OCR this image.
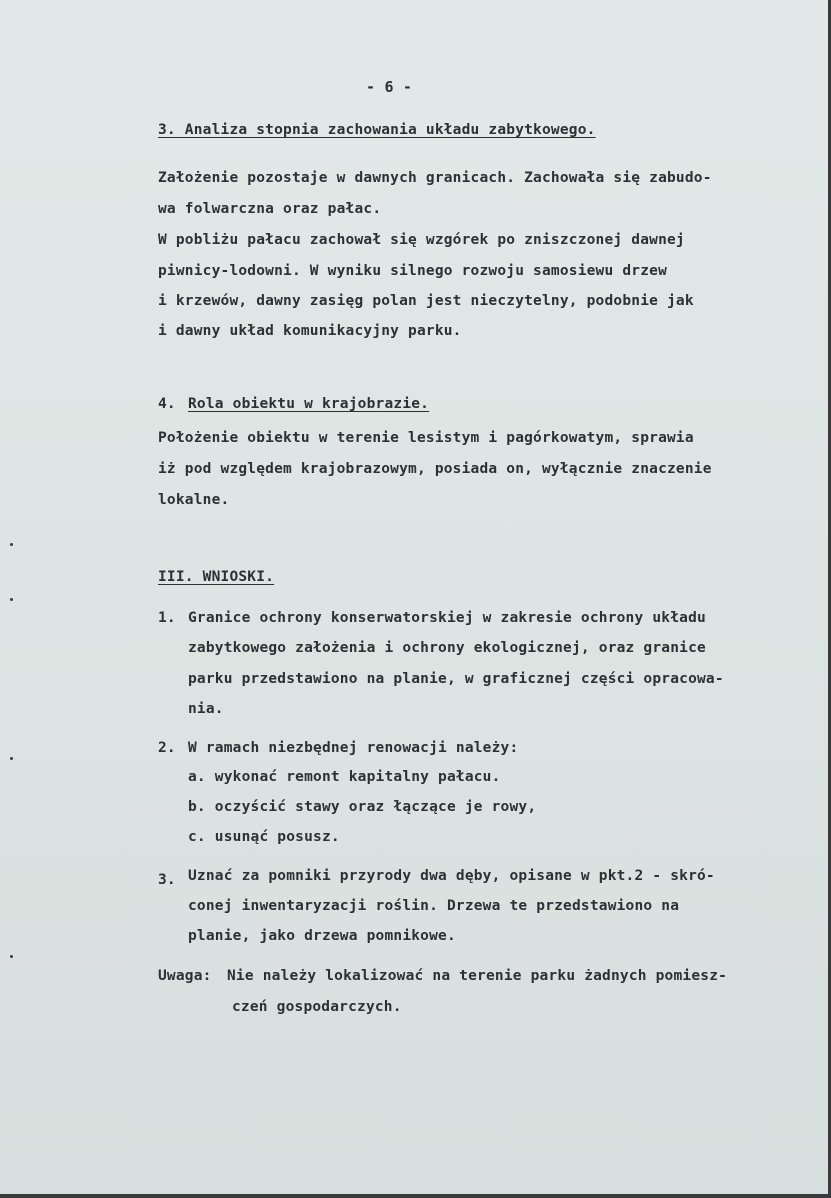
- 6 -
3. Analiza stopnia zachowania układu zabytkowego.
Założenie pozostaje w dawnych granicach. Zachowała się zabudo-
wa folwarczna oraz pałac.
W pobliżu pałacu zachował się wzgórek po zniszczonej dawnej
piwnicy-lodowni. W wyniku silnego rozwoju samosiewu drzew
i krzewów, dawny zasięg polan jest nieczytelny, podobnie jak
i dawny układ komunikacyjny parku.
4. Rola obiektu w krajobrazie.
Położenie obiektu w terenie lesistym i pagórkowatym, sprawia
iż pod względem krajobrazowym, posiada on, wyłącznie znaczenie
lokalne.
III. WNIOSKI.
1. Granice ochrony konserwatorskiej w zakresie ochrony układu
zabytkowego założenia i ochrony ekologicznej, oraz granice
parku przedstawiono na planie, w graficznej części opracowa-
nia.
2. W ramach niezbędnej renowacji należy:
a. wykonać remont kapitalny pałacu.
b. oczyścić stawy oraz łączące je rowy,
c. usunąć posusz.
3. Uznać za pomniki przyrody dwa dęby, opisane w pkt.2 - skró-
conej inwentaryzacji roślin. Drzewa te przedstawiono na
planie, jako drzewa pomnikowe.
Uwaga: Nie należy lokalizować na terenie parku żadnych pomiesz-
czeń gospodarczych.
